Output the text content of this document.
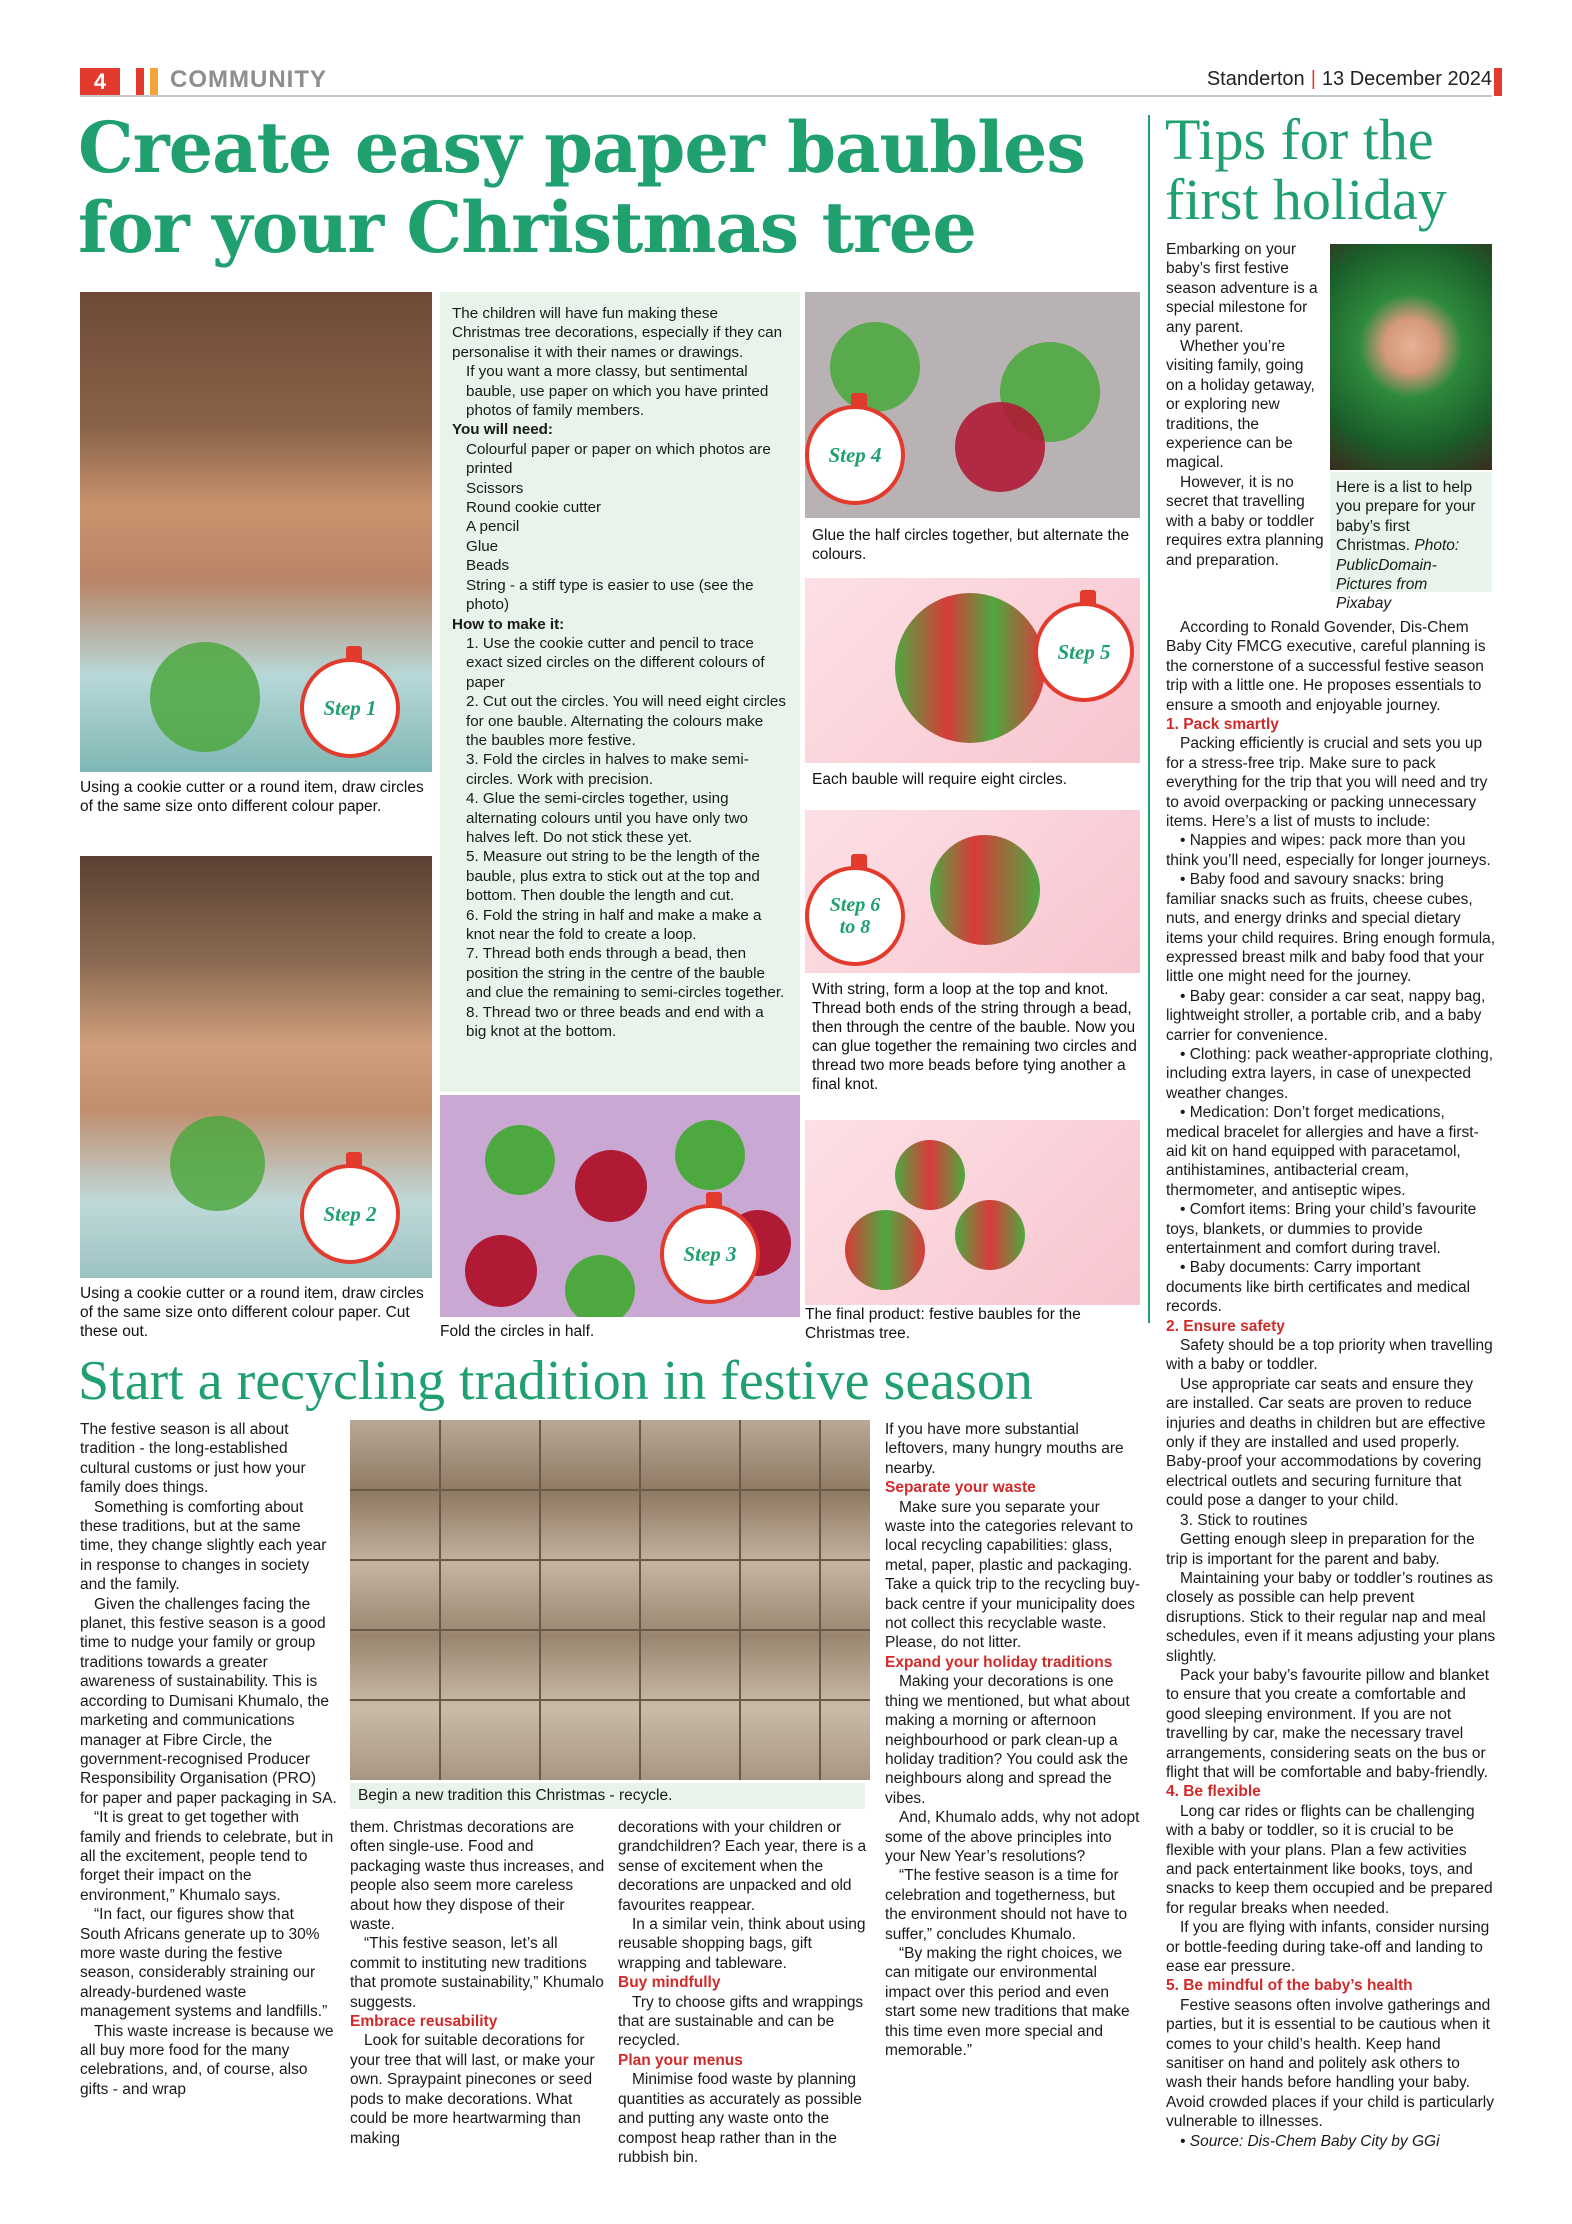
4	COMMUNITY	Standerton | 13 December 2024
Create easy paper baubles for your Christmas tree
Step 1
Using a cookie cutter or a round item, draw circles of the same size onto different colour paper.
Step 2
Using a cookie cutter or a round item, draw circles of the same size onto different colour paper. Cut these out.

The children will have fun making these Christmas tree decorations, especially if they can personalise it with their names or drawings.

If you want a more classy, but sentimental bauble, use paper on which you have printed photos of family members.

You will need:

Colourful paper or paper on which photos are printed

Scissors

Round cookie cutter

A pencil

Glue

Beads

String - a stiff type is easier to use (see the photo)

How to make it:

1. Use the cookie cutter and pencil to trace exact sized circles on the different colours of paper

2. Cut out the circles. You will need eight circles for one bauble. Alternating the colours make the baubles more festive.

3. Fold the circles in halves to make semi-circles. Work with precision.

4. Glue the semi-circles together, using alternating colours until you have only two halves left. Do not stick these yet.

5. Measure out string to be the length of the bauble, plus extra to stick out at the top and bottom. Then double the length and cut.

6. Fold the string in half and make a make a knot near the fold to create a loop.

7. Thread both ends through a bead, then position the string in the centre of the bauble and clue the remaining to semi-circles together.

8. Thread two or three beads and end with a big knot at the bottom.

Step 3
Fold the circles in half.
Step 4
Glue the half circles together, but alternate the colours.
Step 5
Each bauble will require eight circles.
Step 6
to 8
With string, form a loop at the top and knot. Thread both ends of the string through a bead, then through the centre of the bauble. Now you can glue together the remaining two circles and thread two more beads before tying another a final knot.
The final product: festive baubles for the Christmas tree.
Tips for the first holiday

Embarking on your baby’s first festive season adventure is a special milestone for any parent.

Whether you’re visiting family, going on a holiday getaway, or exploring new traditions, the experience can be magical.

However, it is no secret that travelling with a baby or toddler requires extra planning and preparation.

Here is a list to help you prepare for your baby’s first Christmas. Photo: PublicDomain-Pictures from Pixabay

According to Ronald Govender, Dis-Chem Baby City FMCG executive, careful planning is the cornerstone of a successful festive season trip with a little one. He proposes essentials to ensure a smooth and enjoyable journey.

1. Pack smartly

Packing efficiently is crucial and sets you up for a stress-free trip. Make sure to pack everything for the trip that you will need and try to avoid overpacking or packing unnecessary items. Here’s a list of musts to include:

• Nappies and wipes: pack more than you think you’ll need, especially for longer journeys.

• Baby food and savoury snacks: bring familiar snacks such as fruits, cheese cubes, nuts, and energy drinks and special dietary items your child requires. Bring enough formula, expressed breast milk and baby food that your little one might need for the journey.

• Baby gear: consider a car seat, nappy bag, lightweight stroller, a portable crib, and a baby carrier for convenience.

• Clothing: pack weather-appropriate clothing, including extra layers, in case of unexpected weather changes.

• Medication: Don’t forget medications, medical bracelet for allergies and have a first-aid kit on hand equipped with paracetamol, antihistamines, antibacterial cream, thermometer, and antiseptic wipes.

• Comfort items: Bring your child’s favourite toys, blankets, or dummies to provide entertainment and comfort during travel.

• Baby documents: Carry important documents like birth certificates and medical records.

2. Ensure safety

Safety should be a top priority when travelling with a baby or toddler.

Use appropriate car seats and ensure they are installed. Car seats are proven to reduce injuries and deaths in children but are effective only if they are installed and used properly. Baby-proof your accommodations by covering electrical outlets and securing furniture that could pose a danger to your child.

3. Stick to routines

Getting enough sleep in preparation for the trip is important for the parent and baby.

Maintaining your baby or toddler’s routines as closely as possible can help prevent disruptions. Stick to their regular nap and meal schedules, even if it means adjusting your plans slightly.

Pack your baby’s favourite pillow and blanket to ensure that you create a comfortable and good sleeping environment. If you are not travelling by car, make the necessary travel arrangements, considering seats on the bus or flight that will be comfortable and baby-friendly.

4. Be flexible

Long car rides or flights can be challenging with a baby or toddler, so it is crucial to be flexible with your plans. Plan a few activities and pack entertainment like books, toys, and snacks to keep them occupied and be prepared for regular breaks when needed.

If you are flying with infants, consider nursing or bottle-feeding during take-off and landing to ease ear pressure.

5. Be mindful of the baby’s health

Festive seasons often involve gatherings and parties, but it is essential to be cautious when it comes to your child’s health. Keep hand sanitiser on hand and politely ask others to wash their hands before handling your baby. Avoid crowded places if your child is particularly vulnerable to illnesses.

• Source: Dis-Chem Baby City by GGi

Start a recycling tradition in festive season

The festive season is all about tradition - the long-established cultural customs or just how your family does things.

Something is comforting about these traditions, but at the same time, they change slightly each year in response to changes in society and the family.

Given the challenges facing the planet, this festive season is a good time to nudge your family or group traditions towards a greater awareness of sustainability. This is according to Dumisani Khumalo, the marketing and communications manager at Fibre Circle, the government-recognised Producer Responsibility Organisation (PRO) for paper and paper packaging in SA.

“It is great to get together with family and friends to celebrate, but in all the excitement, people tend to forget their impact on the environment,” Khumalo says.

“In fact, our figures show that South Africans generate up to 30% more waste during the festive season, considerably straining our already-burdened waste management systems and landfills.”

This waste increase is because we all buy more food for the many celebrations, and, of course, also gifts - and wrap

Begin a new tradition this Christmas - recycle.

them. Christmas decorations are often single-use. Food and packaging waste thus increases, and people also seem more careless about how they dispose of their waste.

“This festive season, let’s all commit to instituting new traditions that promote sustainability,” Khumalo suggests.

Embrace reusability

Look for suitable decorations for your tree that will last, or make your own. Spraypaint pinecones or seed pods to make decorations. What could be more heartwarming than making

decorations with your children or grandchildren? Each year, there is a sense of excitement when the decorations are unpacked and old favourites reappear.

In a similar vein, think about using reusable shopping bags, gift wrapping and tableware.

Buy mindfully

Try to choose gifts and wrappings that are sustainable and can be recycled.

Plan your menus

Minimise food waste by planning quantities as accurately as possible and putting any waste onto the compost heap rather than in the rubbish bin.

If you have more substantial leftovers, many hungry mouths are nearby.

Separate your waste

Make sure you separate your waste into the categories relevant to local recycling capabilities: glass, metal, paper, plastic and packaging. Take a quick trip to the recycling buy-back centre if your municipality does not collect this recyclable waste. Please, do not litter.

Expand your holiday traditions

Making your decorations is one thing we mentioned, but what about making a morning or afternoon neighbourhood or park clean-up a holiday tradition? You could ask the neighbours along and spread the vibes.

And, Khumalo adds, why not adopt some of the above principles into your New Year’s resolutions?

“The festive season is a time for celebration and togetherness, but the environment should not have to suffer,” concludes Khumalo.

“By making the right choices, we can mitigate our environmental impact over this period and even start some new traditions that make this time even more special and memorable.”
